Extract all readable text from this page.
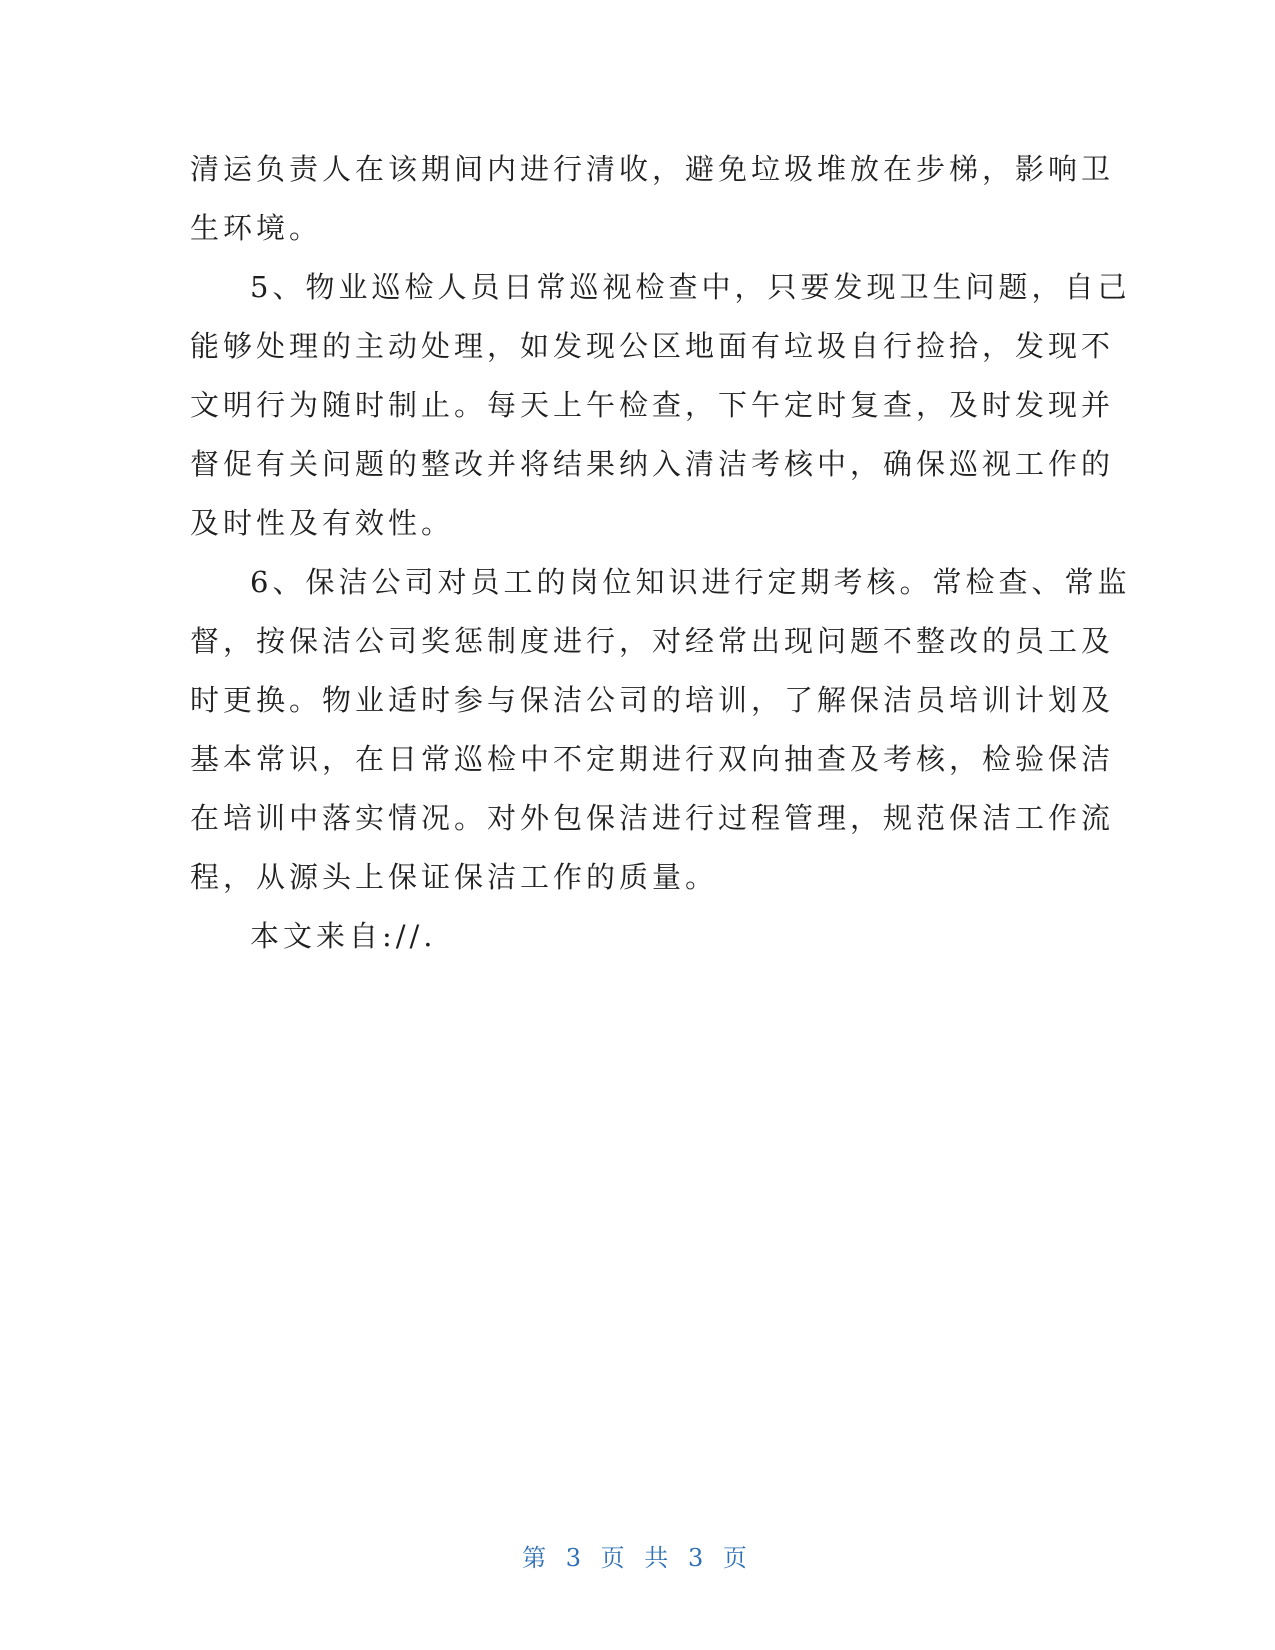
清运负责人在该期间内进行清收，避免垃圾堆放在步梯，影响卫

生环境。

5、物业巡检人员日常巡视检查中，只要发现卫生问题，自己

能够处理的主动处理，如发现公区地面有垃圾自行捡拾，发现不

文明行为随时制止。每天上午检查，下午定时复查，及时发现并

督促有关问题的整改并将结果纳入清洁考核中，确保巡视工作的

及时性及有效性。

6、保洁公司对员工的岗位知识进行定期考核。常检查、常监

督，按保洁公司奖惩制度进行，对经常出现问题不整改的员工及

时更换。物业适时参与保洁公司的培训，了解保洁员培训计划及

基本常识，在日常巡检中不定期进行双向抽查及考核，检验保洁

在培训中落实情况。对外包保洁进行过程管理，规范保洁工作流

程，从源头上保证保洁工作的质量。

本文来自://.

第 3 页 共 3 页
